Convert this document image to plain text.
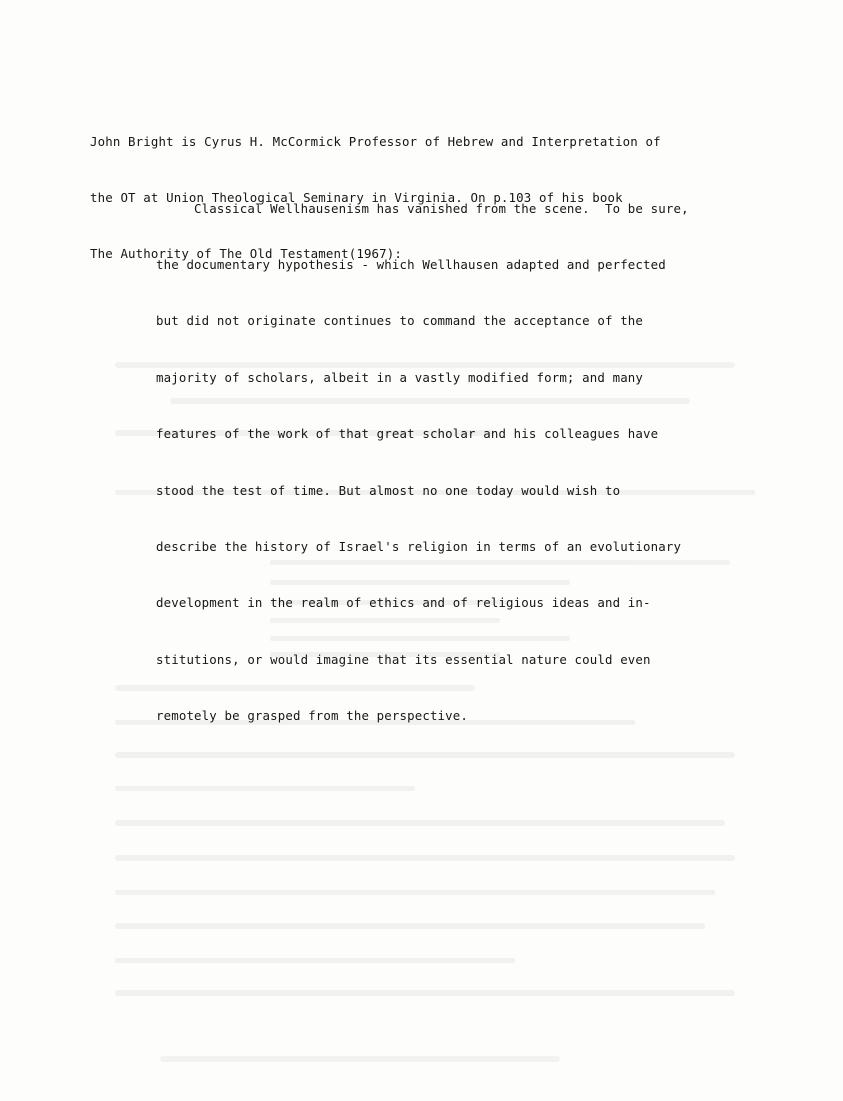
John Bright is Cyrus H. McCormick Professor of Hebrew and Interpretation of

the OT at Union Theological Seminary in Virginia. On p.103 of his book

The Authority of The Old Testament(1967):

Classical Wellhausenism has vanished from the scene.  To be sure,

the documentary hypothesis - which Wellhausen adapted and perfected

but did not originate continues to command the acceptance of the

majority of scholars, albeit in a vastly modified form; and many

features of the work of that great scholar and his colleagues have

stood the test of time. But almost no one today would wish to

describe the history of Israel's religion in terms of an evolutionary

development in the realm of ethics and of religious ideas and in-

stitutions, or would imagine that its essential nature could even

remotely be grasped from the perspective.
